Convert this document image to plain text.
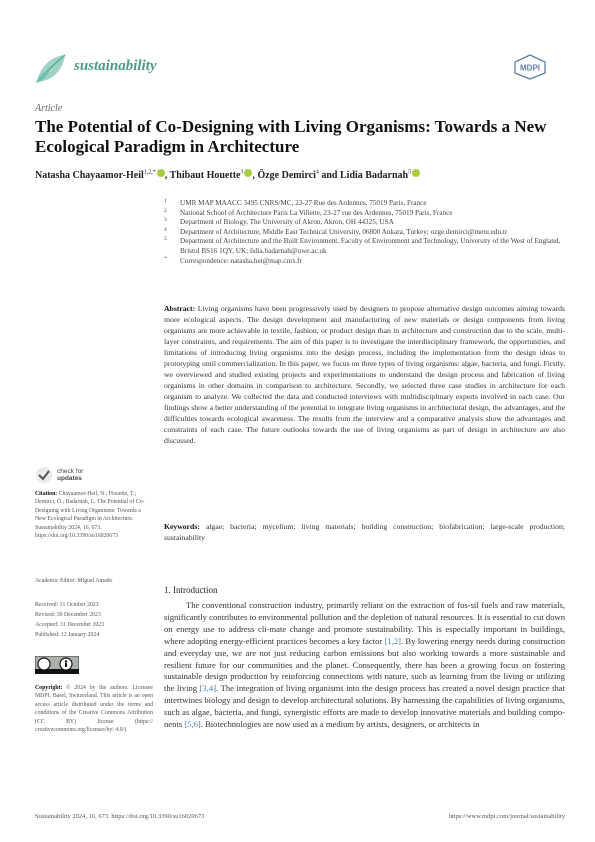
sustainability	MDPI
Article
The Potential of Co-Designing with Living Organisms: Towards a New Ecological Paradigm in Architecture
Natasha Chayaamor-Heil$^{1,2,*}$ , Thibaut Houette$^3$ , Özge Demirci$^4$ and Lidia Badarnah$^5$
1 UMR MAP MAACC 3495 CNRS/MC, 23-27 Rue des Ardennes, 75019 Paris, France
2 National School of Architecture Paris La Villette, 23-27 rue des Ardennes, 75019 Paris, France
3 Department of Biology, The University of Akron, Akron, OH 44325, USA
4 Department of Architecture, Middle East Technical University, 06800 Ankara, Turkey; ozge.demirci@metu.edu.tr
5 Department of Architecture and the Built Environment, Faculty of Environment and Technology, University of the West of England, Bristol BS16 1QY, UK; lidia.badarnah@uwe.ac.uk
* Correspondence: natasha.hei@map.cnrs.fr
Abstract: Living organisms have been progressively used by designers to propose alternative design outcomes aiming towards more ecological aspects. The design development and manufacturing of new materials or design components from living organisms are more achievable in textile, fashion, or product design than in architecture and construction due to the scale, multi-layer constraints, and requirements. The aim of this paper is to investigate the interdisciplinary framework, the opportunities, and limitations of introducing living organisms into the design process, including the implementation from the design ideas to prototyping until commercialization. In this paper, we focus on three types of living organisms: algae, bacteria, and fungi. Firstly, we overviewed and studied existing projects and experimentations to understand the design process and fabrication of living organisms in other domains in comparison to architecture. Secondly, we selected three case studies in architecture for each organism to analyze. We collected the data and conducted interviews with multidisciplinary experts involved in each case. Our findings show a better understanding of the potential to integrate living organisms in architectural design, the advantages, and the difficulties towards ecological awareness. The results from the interview and a comparative analysis show the advantages and constraints of each case. The future outlooks towards the use of living organisms as part of design in architecture are also discussed.
Keywords: algae; bacteria; mycelium; living materials; building construction; biofabrication; large-scale production; sustainability
check for
updates
Citation: Chayaamor-Heil, N.; Houette, T.; Demirci, Ö.; Badarnah, L. The Potential of Co-Designing with Living Organisms: Towards a New Ecological Paradigm in Architecture. Sustainability 2024, 16, 673. https://doi.org/10.3390/su16020673
Academic Editor: Miguel Amado
Received: 31 October 2023
Revised: 30 December 2023
Accepted: 31 December 2023
Published: 12 January 2024
Copyright: © 2024 by the authors. Licensee MDPI, Basel, Switzerland. This article is an open access article distributed under the terms and conditions of the Creative Commons Attribution (CC BY) license (https:// creativecommons.org/licenses/by/ 4.0/).
1. Introduction
The conventional construction industry, primarily reliant on the extraction of fos-sil fuels and raw materials, significantly contributes to environmental pollution and the depletion of natural resources. It is essential to cut down on energy use to address cli-mate change and promote sustainability. This is especially important in buildings, where adopting energy-efficient practices becomes a key factor [1,2]. By lowering energy needs during construction and everyday use, we are not just reducing carbon emissions but also working towards a more sustainable and resilient future for our communities and the planet. Consequently, there has been a growing focus on fostering sustainable design production by reinforcing connections with nature, such as learning from the living or utilizing the living [3,4]. The integration of living organisms into the design process has created a novel design practice that intertwines biology and design to develop architectural solutions. By harnessing the capabilities of living organisms, such as algae, bacteria, and fungi, synergistic efforts are made to develop innovative materials and building compo-nents [5,6]. Biotechnologies are now used as a medium by artists, designers, or architects in
Sustainability 2024, 16, 673. https://doi.org/10.3390/su16020673	https://www.mdpi.com/journal/sustainability
